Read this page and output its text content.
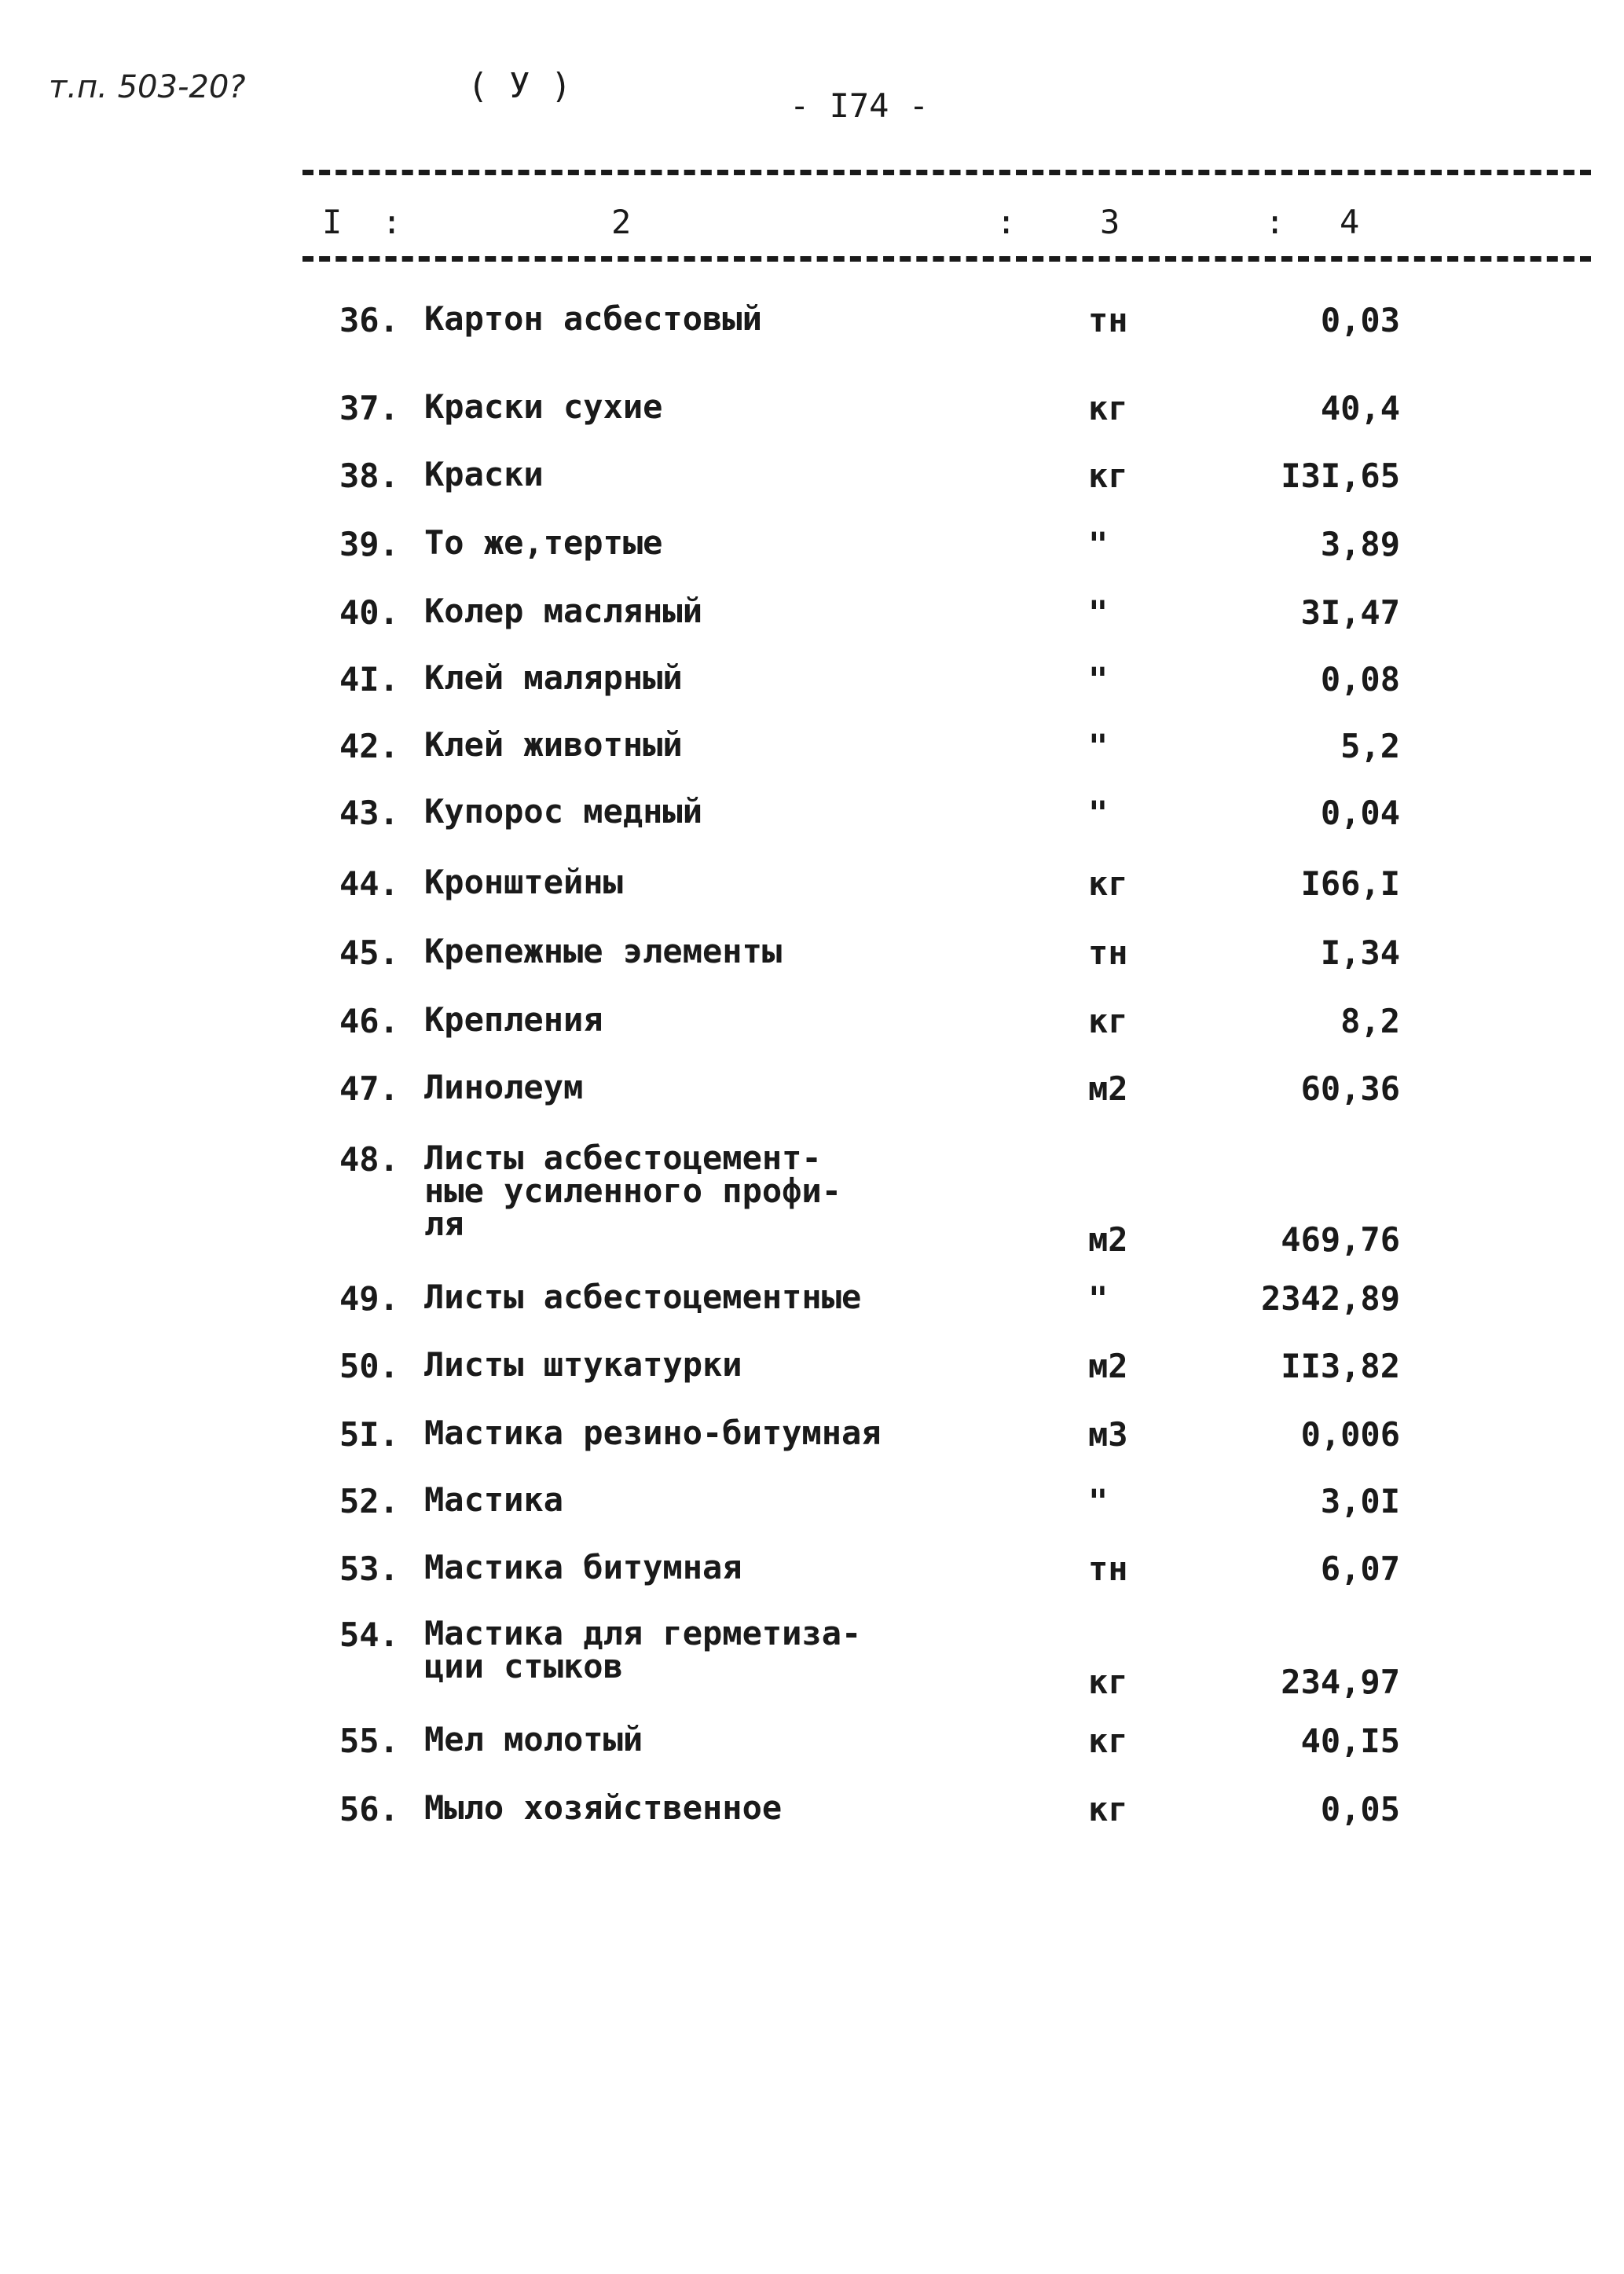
т.п. 503-20?	( У )	- I74 -
I :	2	:	3	: 4
36. Картон асбестовый	тн	0,03
37. Краски сухие	кг	40,4
38. Краски	кг	I3I,65
39. То же,тертые	"	3,89
40. Колер масляный	"	3I,47
4I. Клей малярный	"	0,08
42. Клей животный	"	5,2
43. Купорос медный	"	0,04
44. Кронштейны	кг	I66,I
45. Крепежные элементы	тн	I,34
46. Крепления	кг	8,2
47. Линолеум	м2	60,36
48. Листы асбестоцемент-
ные усиленного профи-
ля	м2	469,76
49. Листы асбестоцементные	"	2342,89
50. Листы штукатурки	м2	II3,82
5I. Мастика резино-битумная	м3	0,006
52. Мастика	"	3,0I
53. Мастика битумная	тн	6,07
54. Мастика для герметиза-
ции стыков	кг	234,97
55. Мел молотый	кг	40,I5
56. Мыло хозяйственное	кг	0,05
